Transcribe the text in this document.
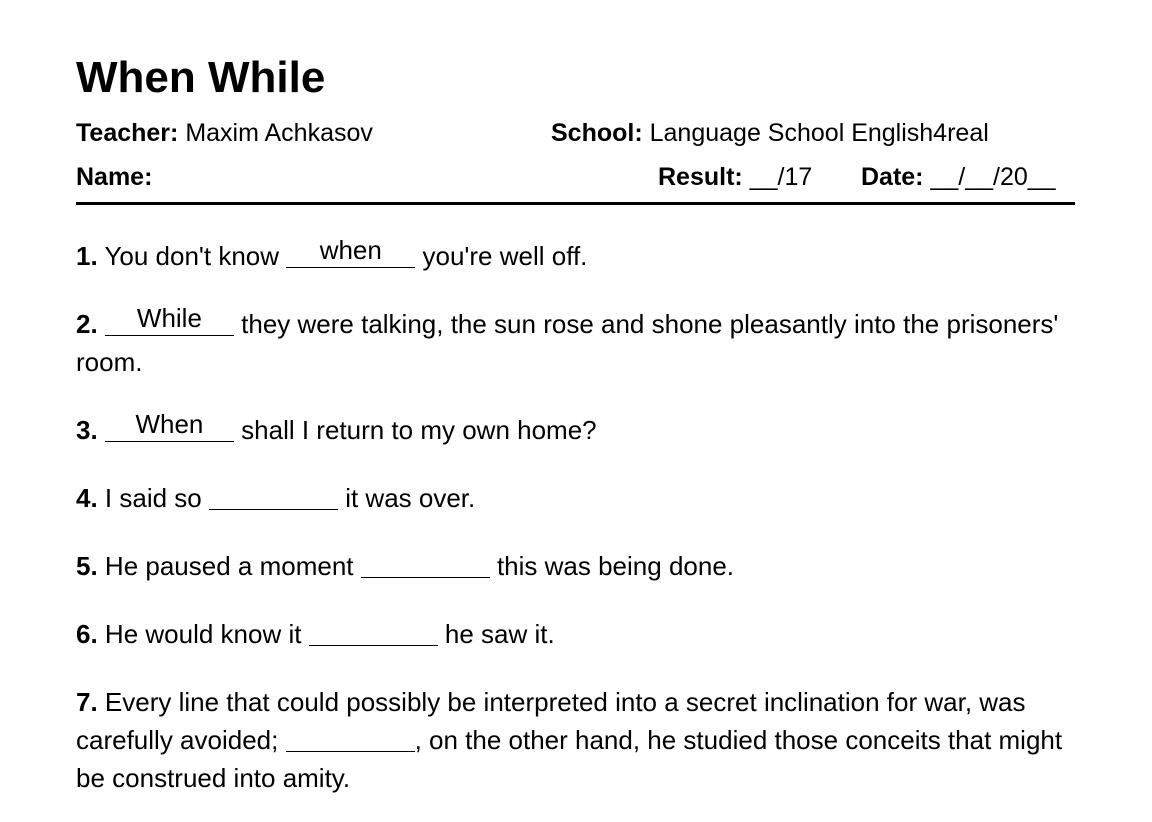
When While
Teacher: Maxim Achkasov	School: Language School English4real
Name:	Result: __/17 Date: __/__/20__
1. You don't know	when	you're well off.
2.	While	they were talking, the sun rose and shone pleasantly into the prisoners' room.
3.	When	shall I return to my own home?
4. I said so	it was over.
5. He paused a moment	this was being done.
6. He would know it	he saw it.
7. Every line that could possibly be interpreted into a secret inclination for war, was carefully avoided;	, on the other hand, he studied those conceits that might be construed into amity.
